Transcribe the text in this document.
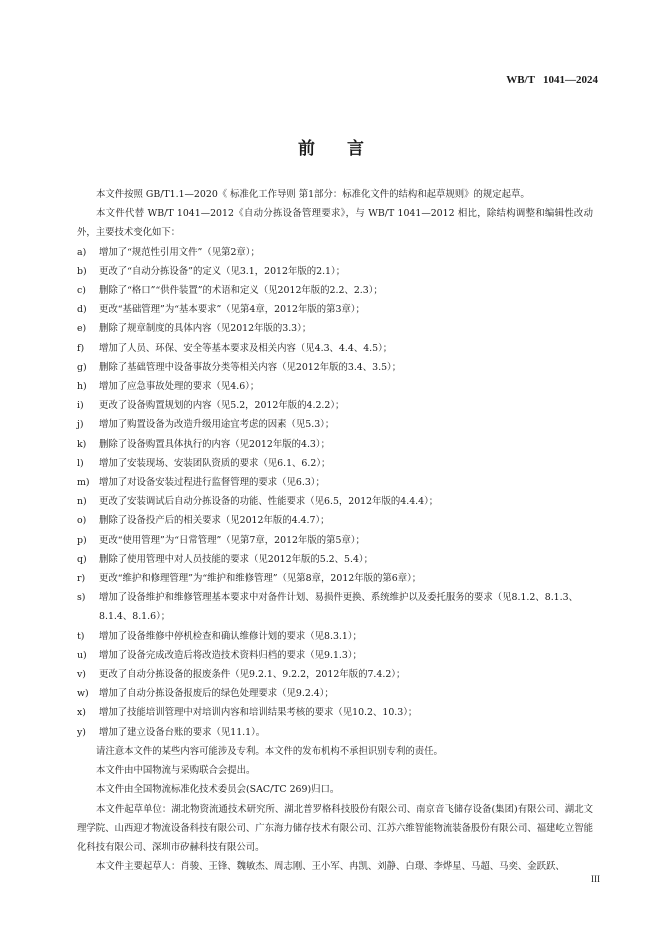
WB/T   1041—2024
前言

本文件按照 GB/T1.1—2020《 标准化工作导则 第1部分：标准化文件的结构和起草规则》的规定起草。

本文件代替 WB/T 1041—2012《自动分拣设备管理要求》，与 WB/T 1041—2012 相比，除结构调整和编辑性改动外，主要技术变化如下：

a)	增加了“规范性引用文件”（见第2章）；
b)	更改了“自动分拣设备”的定义（见3.1，2012年版的2.1）；
c)	删除了“格口”“供件装置”的术语和定义（见2012年版的2.2、2.3）；
d)	更改“基础管理”为“基本要求”（见第4章，2012年版的第3章）；
e)	删除了规章制度的具体内容（见2012年版的3.3）；
f)	增加了人员、环保、安全等基本要求及相关内容（见4.3、4.4、4.5）；
g)	删除了基础管理中设备事故分类等相关内容（见2012年版的3.4、3.5）；
h)	增加了应急事故处理的要求（见4.6）；
i)	更改了设备购置规划的内容（见5.2，2012年版的4.2.2）；
j)	增加了购置设备为改造升级用途宜考虑的因素（见5.3）；
k)	删除了设备购置具体执行的内容（见2012年版的4.3）；
l)	增加了安装现场、安装团队资质的要求（见6.1、6.2）；
m)	增加了对设备安装过程进行监督管理的要求（见6.3）；
n)	更改了安装调试后自动分拣设备的功能、性能要求（见6.5，2012年版的4.4.4）；
o)	删除了设备投产后的相关要求（见2012年版的4.4.7）；
p)	更改“使用管理”为“日常管理”（见第7章，2012年版的第5章）；
q)	删除了使用管理中对人员技能的要求（见2012年版的5.2、5.4）；
r)	更改“维护和修理管理”为“维护和维修管理”（见第8章，2012年版的第6章）；
s)	增加了设备维护和维修管理基本要求中对备件计划、易损件更换、系统维护以及委托服务的要求（见8.1.2、8.1.3、8.1.4、8.1.6）；
t)	增加了设备维修中停机检查和确认维修计划的要求（见8.3.1）；
u)	增加了设备完成改造后将改造技术资料归档的要求（见9.1.3）；
v)	更改了自动分拣设备的报废条件（见9.2.1、9.2.2，2012年版的7.4.2）；
w)	增加了自动分拣设备报废后的绿色处理要求（见9.2.4）；
x)	增加了技能培训管理中对培训内容和培训结果考核的要求（见10.2、10.3）；
y)	增加了建立设备台账的要求（见11.1）。

请注意本文件的某些内容可能涉及专利。本文件的发布机构不承担识别专利的责任。

本文件由中国物流与采购联合会提出。

本文件由全国物流标准化技术委员会(SAC/TC 269)归口。

本文件起草单位：湖北物资流通技术研究所、湖北普罗格科技股份有限公司、南京音飞储存设备(集团)有限公司、湖北文理学院、山西迎才物流设备科技有限公司、广东海力储存技术有限公司、江苏六维智能物流装备股份有限公司、福建屹立智能化科技有限公司、深圳市矽赫科技有限公司。

本文件主要起草人：肖骏、王锋、魏敏杰、周志刚、王小军、冉凯、刘静、白璟、李烨星、马超、马奕、金跃跃、

III
